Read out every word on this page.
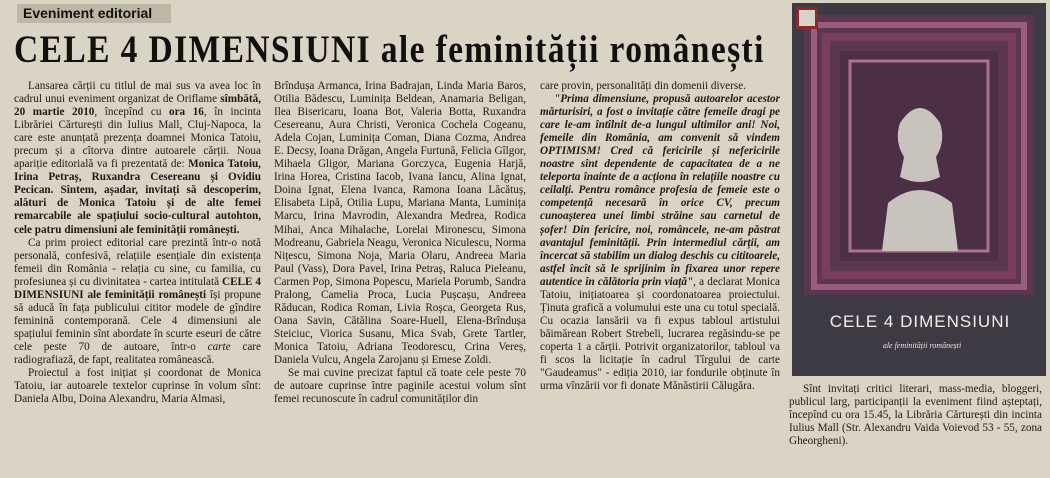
Eveniment editorial
CELE 4 DIMENSIUNI ale feminității românești

Lansarea cărții cu titlul de mai sus va avea loc în cadrul unui eveniment organizat de Oriflame sîmbătă, 20 martie 2010, începînd cu ora 16, în incinta Librăriei Cărturești din Iulius Mall, Cluj-Napoca, la care este anunțată prezența doamnei Monica Tatoiu, precum și a cîtorva dintre autoarele cărții. Noua apariție editorială va fi prezentată de: Monica Tatoiu, Irina Petraș, Ruxandra Cesereanu și Ovidiu Pecican. Sîntem, așadar, invitați să descoperim, alături de Monica Tatoiu și de alte femei remarcabile ale spațiului socio-cultural autohton, cele patru dimensiuni ale feminității românești.

Ca prim proiect editorial care prezintă într-o notă personală, confesivă, relațiile esențiale din existența femeii din România - relația cu sine, cu familia, cu profesiunea și cu divinitatea - cartea intitulată CELE 4 DIMENSIUNI ale feminității românești își propune să aducă în fața publicului cititor modele de gîndire feminină contemporană. Cele 4 dimensiuni ale spațiului feminin sînt abordate în scurte eseuri de către cele peste 70 de autoare, într-o carte care radiografiază, de fapt, realitatea românească.

Proiectul a fost inițiat și coordonat de Monica Tatoiu, iar autoarele textelor cuprinse în volum sînt: Daniela Albu, Doina Alexandru, Maria Almasi,

Brîndușa Armanca, Irina Badrajan, Linda Maria Baros, Otilia Bădescu, Luminița Beldean, Anamaria Beligan, Ilea Bisericaru, Ioana Bot, Valeria Botta, Ruxandra Cesereanu, Aura Christi, Veronica Cochela Cogeanu, Adela Cojan, Luminița Coman, Diana Cozma, Andrea E. Decsy, Ioana Drăgan, Angela Furtună, Felicia Gîlgor, Mihaela Gligor, Mariana Gorczyca, Eugenia Harjă, Irina Horea, Cristina Iacob, Ivana Iancu, Alina Ignat, Doina Ignat, Elena Ivanca, Ramona Ioana Lăcătuș, Elisabeta Lipă, Otilia Lupu, Mariana Manta, Luminița Marcu, Irina Mavrodin, Alexandra Medrea, Rodica Mihai, Anca Mihalache, Lorelai Mironescu, Simona Modreanu, Gabriela Neagu, Veronica Niculescu, Norma Nițescu, Simona Noja, Maria Olaru, Andreea Maria Paul (Vass), Dora Pavel, Irina Petraș, Raluca Pieleanu, Carmen Pop, Simona Popescu, Mariela Porumb, Sandra Pralong, Camelia Proca, Lucia Pușcașu, Andreea Răducan, Rodica Roman, Livia Roșca, Georgeta Rus, Oana Savin, Cătălina Soare-Huell, Elena-Brîndușa Steiciuc, Viorica Susanu, Mica Svab, Grete Tartler, Monica Tatoiu, Adriana Teodorescu, Crina Vereș, Daniela Vulcu, Angela Zarojanu și Emese Zoldi.

Se mai cuvine precizat faptul că toate cele peste 70 de autoare cuprinse între paginile acestui volum sînt femei recunoscute în cadrul comunităților din

care provin, personalități din domenii diverse.

"Prima dimensiune, propusă autoarelor acestor mărturisiri, a fost o invitație către femeile dragi pe care le-am întîlnit de-a lungul ultimilor ani! Noi, femeile din România, am convenit să vindem OPTIMISM! Cred că fericirile și nefericirile noastre sînt dependente de capacitatea de a ne teleporta înainte de a acționa în relațiile noastre cu ceilalți. Pentru românce profesia de femeie este o competență necesară în orice CV, precum cunoașterea unei limbi străine sau carnetul de șofer! Din fericire, noi, româncele, ne-am păstrat avantajul feminității. Prin intermediul cărții, am încercat să stabilim un dialog deschis cu cititoarele, astfel încît să le sprijinim în fixarea unor repere autentice în călătoria prin viață", a declarat Monica Tatoiu, inițiatoarea și coordonatoarea proiectului. Ținuta grafică a volumului este una cu totul specială. Cu ocazia lansării va fi expus tabloul artistului băimărean Robert Strebeli, lucrarea regăsindu-se pe coperta 1 a cărții. Potrivit organizatorilor, tabloul va fi scos la licitație în cadrul Tîrgului de carte "Gaudeamus" - ediția 2010, iar fondurile obținute în urma vînzării vor fi donate Mănăstirii Călugăra.

CELE 4 DIMENSIUNI
ale feminității românești

Sînt invitați critici literari, mass-media, bloggeri, publicul larg, participanții la eveniment fiind așteptați, începînd cu ora 15.45, la Librăria Cărturești din incinta Iulius Mall (Str. Alexandru Vaida Voievod 53 - 55, zona Gheorgheni).
